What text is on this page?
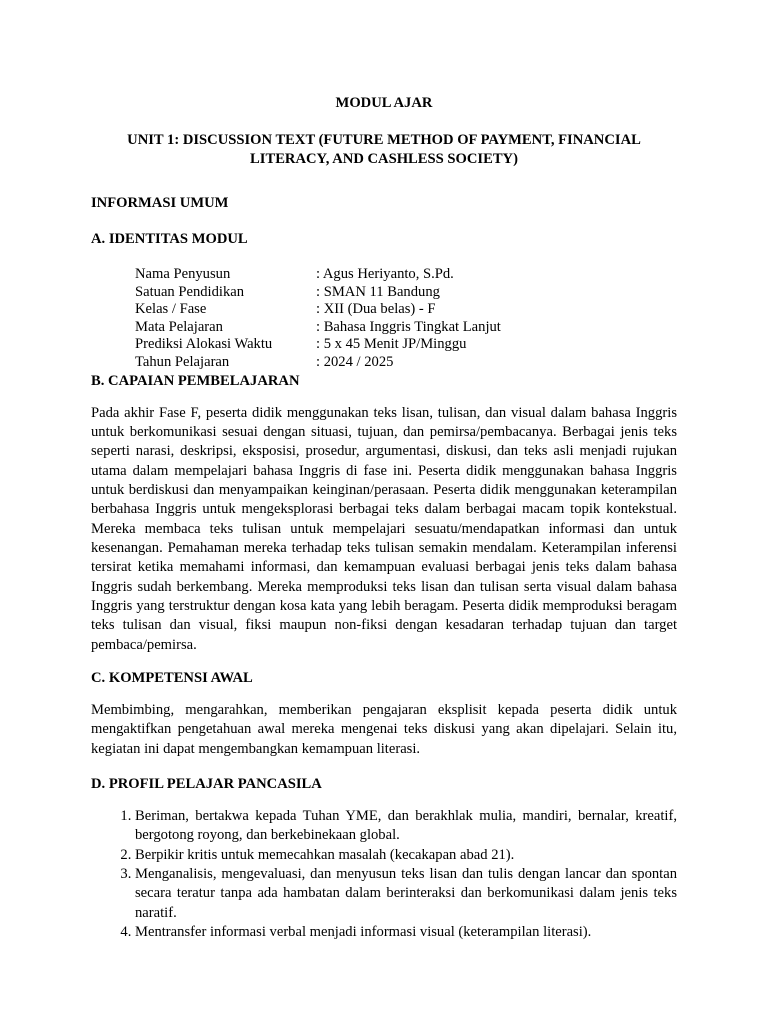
MODUL AJAR

UNIT 1: DISCUSSION TEXT (FUTURE METHOD OF PAYMENT, FINANCIAL LITERACY, AND CASHLESS SOCIETY)

INFORMASI UMUM

A. IDENTITAS MODUL

Nama Penyusun	: Agus Heriyanto, S.Pd.
Satuan Pendidikan	: SMAN 11 Bandung
Kelas / Fase	: XII (Dua belas) - F
Mata Pelajaran	: Bahasa Inggris Tingkat Lanjut
Prediksi Alokasi Waktu	: 5 x 45 Menit JP/Minggu
Tahun Pelajaran	: 2024 / 2025

B. CAPAIAN PEMBELAJARAN

Pada akhir Fase F, peserta didik menggunakan teks lisan, tulisan, dan visual dalam bahasa Inggris untuk berkomunikasi sesuai dengan situasi, tujuan, dan pemirsa/pembacanya. Berbagai jenis teks seperti narasi, deskripsi, eksposisi, prosedur, argumentasi, diskusi, dan teks asli menjadi rujukan utama dalam mempelajari bahasa Inggris di fase ini. Peserta didik menggunakan bahasa Inggris untuk berdiskusi dan menyampaikan keinginan/perasaan. Peserta didik menggunakan keterampilan berbahasa Inggris untuk mengeksplorasi berbagai teks dalam berbagai macam topik kontekstual. Mereka membaca teks tulisan untuk mempelajari sesuatu/mendapatkan informasi dan untuk kesenangan. Pemahaman mereka terhadap teks tulisan semakin mendalam. Keterampilan inferensi tersirat ketika memahami informasi, dan kemampuan evaluasi berbagai jenis teks dalam bahasa Inggris sudah berkembang. Mereka memproduksi teks lisan dan tulisan serta visual dalam bahasa Inggris yang terstruktur dengan kosa kata yang lebih beragam. Peserta didik memproduksi beragam teks tulisan dan visual, fiksi maupun non-fiksi dengan kesadaran terhadap tujuan dan target pembaca/pemirsa.

C. KOMPETENSI AWAL

Membimbing, mengarahkan, memberikan pengajaran eksplisit kepada peserta didik untuk mengaktifkan pengetahuan awal mereka mengenai teks diskusi yang akan dipelajari. Selain itu, kegiatan ini dapat mengembangkan kemampuan literasi.

D. PROFIL PELAJAR PANCASILA

1. Beriman, bertakwa kepada Tuhan YME, dan berakhlak mulia, mandiri, bernalar, kreatif, bergotong royong, dan berkebinekaan global.
2. Berpikir kritis untuk memecahkan masalah (kecakapan abad 21).
3. Menganalisis, mengevaluasi, dan menyusun teks lisan dan tulis dengan lancar dan spontan secara teratur tanpa ada hambatan dalam berinteraksi dan berkomunikasi dalam jenis teks naratif.
4. Mentransfer informasi verbal menjadi informasi visual (keterampilan literasi).
